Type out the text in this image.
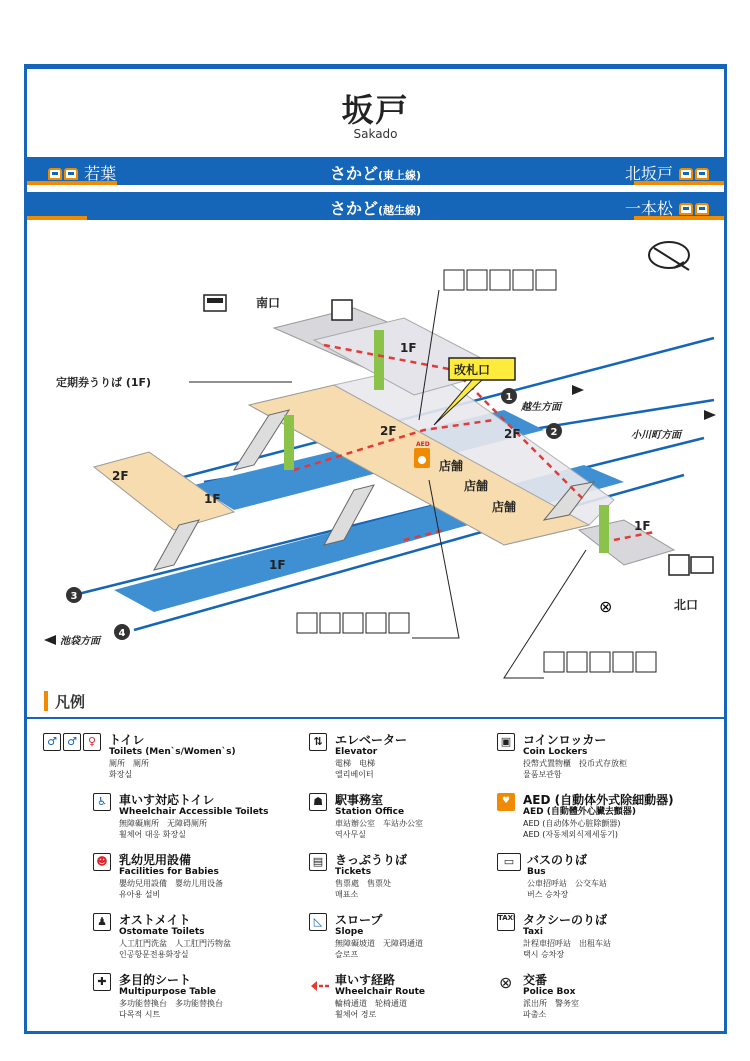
坂戸
Sakado
若葉	さかど(東上線)	北坂戸
さかど(越生線)	一本松
凡例
♂ ♂	♀	トイレ
Toilets (Men`s/Women`s)
厕所　厕所
화장실
♿	車いす対応トイレ
Wheelchair Accessible Toilets
無障礙廁所　无障碍厕所
휠체어 대응 화장실
☻ 乳幼児用設備
Facilities for Babies
嬰幼兒用設備　婴幼儿用设备
유아용 설비
♟	オストメイト
Ostomate Toilets
人工肛門洗盆　人工肛門汚物盆
인공항문전용화장실
✚	多目的シート
Multipurpose Table
多功能替換台　多功能替换台
다목적 시트
⇅	エレベーター
Elevator
電梯　电梯
엘리베이터
☗	駅事務室
Station Office
車站辦公室　车站办公室
역사무실
▤ きっぷうりば
Tickets
售票處　售票处
매표소
◺	スロープ
Slope
無障礙坡道　无障碍通道
슬로프
車いす経路
Wheelchair Route
輪椅通道　轮椅通道
휠체어 경로
▣ コインロッカー
Coin Lockers
投幣式置物櫃　投币式存放柜
물품보관함
♥	AED (自動体外式除細動器)
AED (自動體外心臟去顫器)
AED (自动体外心脏除颤器)
AED (자동체외식제세동기)
▭	バスのりば
Bus
公車招呼站　公交车站
버스 승차장
TAXI タクシーのりば
Taxi
計程車招呼站　出租车站
택시 승차장
⊗ 交番
Police Box
派出所　警务室
파출소
1
2
3
4
⊗
南口
北口
改札口
定期券うりば (1F)
2F
2F	2F
1F
1F
1F
1F
店舗
店舗
店舗
越生方面
小川町方面
池袋方面
AED
